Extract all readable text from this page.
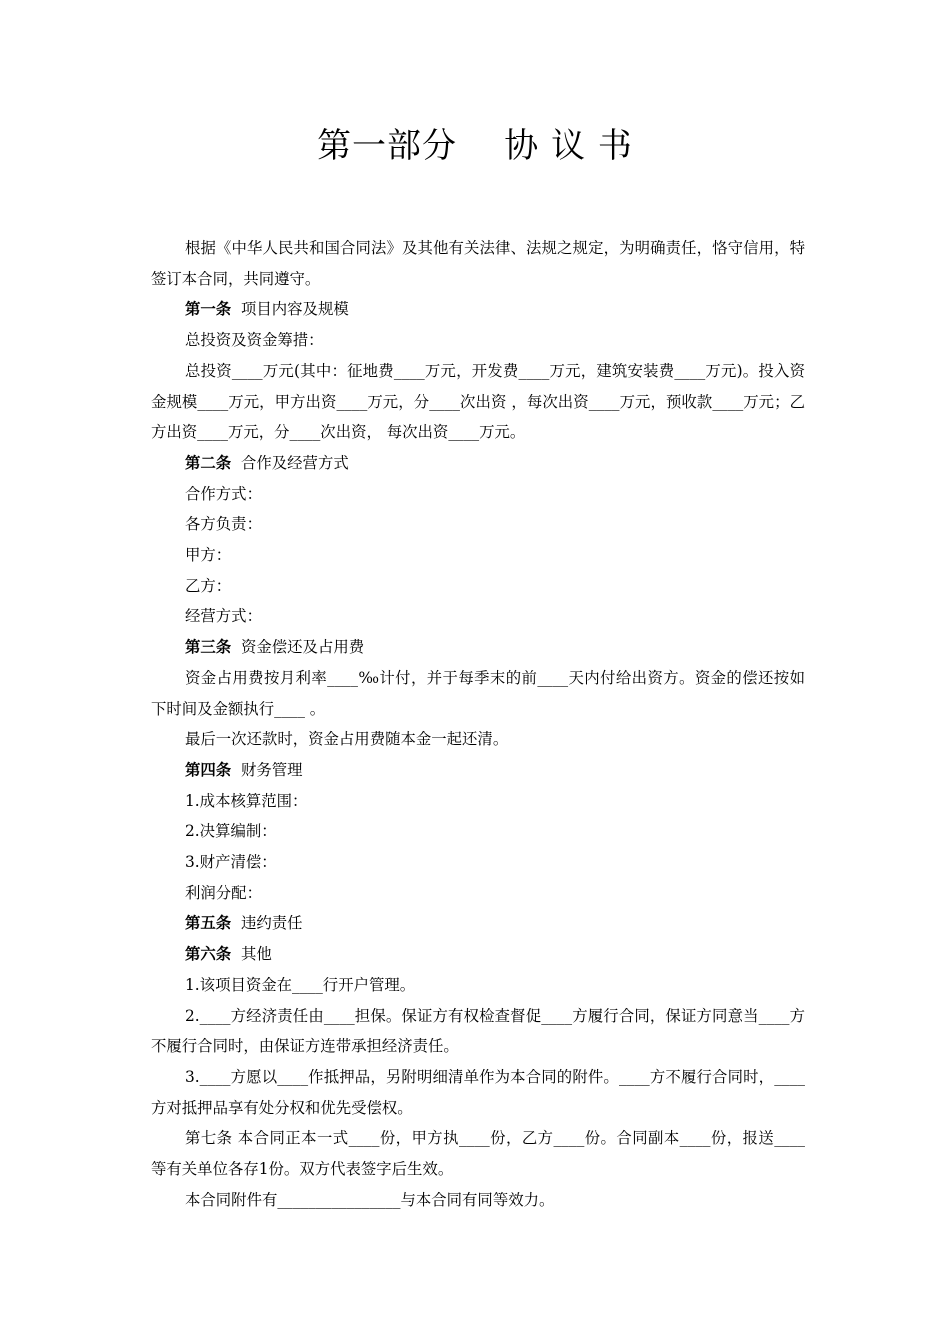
第一部分    协 议 书

根据《中华人民共和国合同法》及其他有关法律、法规之规定，为明确责任，恪守信用，特签订本合同，共同遵守。

第一条 项目内容及规模

总投资及资金筹措：

总投资____万元(其中：征地费____万元，开发费____万元，建筑安装费____万元)。投入资金规模____万元，甲方出资____万元，分____次出资 ，每次出资____万元，预收款____万元；乙方出资____万元，分____次出资， 每次出资____万元。

第二条 合作及经营方式

合作方式：

各方负责：

甲方：

乙方：

经营方式：

第三条 资金偿还及占用费

资金占用费按月利率____‰计付，并于每季末的前____天内付给出资方。资金的偿还按如下时间及金额执行____ 。

最后一次还款时，资金占用费随本金一起还清。

第四条 财务管理

1.成本核算范围：

2.决算编制：

3.财产清偿：

利润分配：

第五条 违约责任

第六条 其他

1.该项目资金在____行开户管理。

2.____方经济责任由____担保。保证方有权检查督促____方履行合同，保证方同意当____方不履行合同时，由保证方连带承担经济责任。

3.____方愿以____作抵押品，另附明细清单作为本合同的附件。____方不履行合同时，____方对抵押品享有处分权和优先受偿权。

第七条 本合同正本一式____份，甲方执____份，乙方____份。合同副本____份，报送____等有关单位各存1份。双方代表签字后生效。

本合同附件有________________与本合同有同等效力。
